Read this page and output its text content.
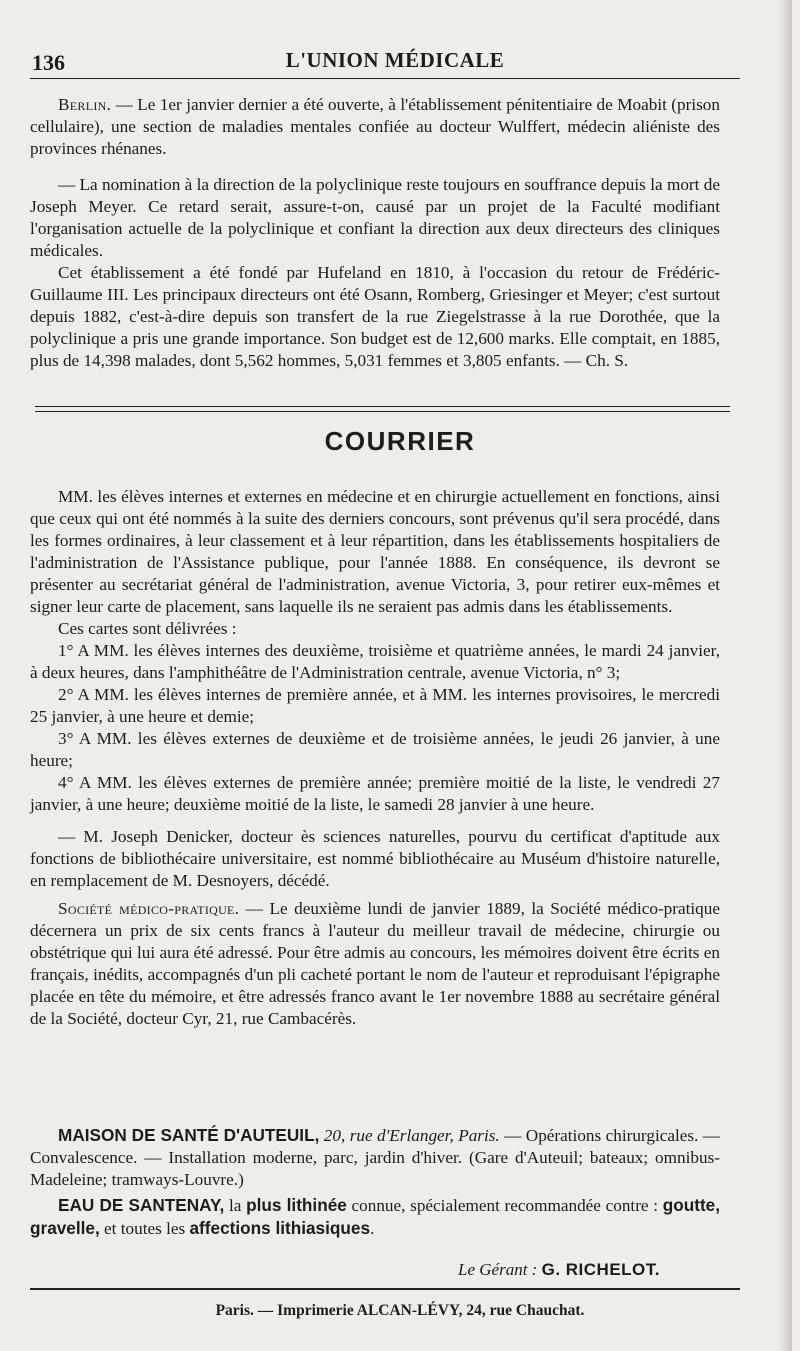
136	L'UNION MÉDICALE

Berlin. — Le 1er janvier dernier a été ouverte, à l'établissement pénitentiaire de Moabit (prison cellulaire), une section de maladies mentales confiée au docteur Wulffert, médecin aliéniste des provinces rhénanes.

— La nomination à la direction de la polyclinique reste toujours en souffrance depuis la mort de Joseph Meyer. Ce retard serait, assure-t-on, causé par un projet de la Faculté modifiant l'organisation actuelle de la polyclinique et confiant la direction aux deux directeurs des cliniques médicales.

Cet établissement a été fondé par Hufeland en 1810, à l'occasion du retour de Frédéric-Guillaume III. Les principaux directeurs ont été Osann, Romberg, Griesinger et Meyer; c'est surtout depuis 1882, c'est-à-dire depuis son transfert de la rue Ziegelstrasse à la rue Dorothée, que la polyclinique a pris une grande importance. Son budget est de 12,600 marks. Elle comptait, en 1885, plus de 14,398 malades, dont 5,562 hommes, 5,031 femmes et 3,805 enfants. — Ch. S.

COURRIER

MM. les élèves internes et externes en médecine et en chirurgie actuellement en fonctions, ainsi que ceux qui ont été nommés à la suite des derniers concours, sont prévenus qu'il sera procédé, dans les formes ordinaires, à leur classement et à leur répartition, dans les établissements hospitaliers de l'administration de l'Assistance publique, pour l'année 1888. En conséquence, ils devront se présenter au secrétariat général de l'administration, avenue Victoria, 3, pour retirer eux-mêmes et signer leur carte de placement, sans laquelle ils ne seraient pas admis dans les établissements.

Ces cartes sont délivrées :

1° A MM. les élèves internes des deuxième, troisième et quatrième années, le mardi 24 janvier, à deux heures, dans l'amphithéâtre de l'Administration centrale, avenue Victoria, n° 3;

2° A MM. les élèves internes de première année, et à MM. les internes provisoires, le mercredi 25 janvier, à une heure et demie;

3° A MM. les élèves externes de deuxième et de troisième années, le jeudi 26 janvier, à une heure;

4° A MM. les élèves externes de première année; première moitié de la liste, le vendredi 27 janvier, à une heure; deuxième moitié de la liste, le samedi 28 janvier à une heure.

— M. Joseph Denicker, docteur ès sciences naturelles, pourvu du certificat d'aptitude aux fonctions de bibliothécaire universitaire, est nommé bibliothécaire au Muséum d'histoire naturelle, en remplacement de M. Desnoyers, décédé.

Société médico-pratique. — Le deuxième lundi de janvier 1889, la Société médico-pratique décernera un prix de six cents francs à l'auteur du meilleur travail de médecine, chirurgie ou obstétrique qui lui aura été adressé. Pour être admis au concours, les mémoires doivent être écrits en français, inédits, accompagnés d'un pli cacheté portant le nom de l'auteur et reproduisant l'épigraphe placée en tête du mémoire, et être adressés franco avant le 1er novembre 1888 au secrétaire général de la Société, docteur Cyr, 21, rue Cambacérès.

MAISON DE SANTÉ D'AUTEUIL, 20, rue d'Erlanger, Paris. — Opérations chirurgicales. — Convalescence. — Installation moderne, parc, jardin d'hiver. (Gare d'Auteuil; bateaux; omnibus-Madeleine; tramways-Louvre.)

EAU DE SANTENAY, la plus lithinée connue, spécialement recommandée contre : goutte, gravelle, et toutes les affections lithiasiques.

Le Gérant : G. RICHELOT.
Paris. — Imprimerie ALCAN-LÉVY, 24, rue Chauchat.
